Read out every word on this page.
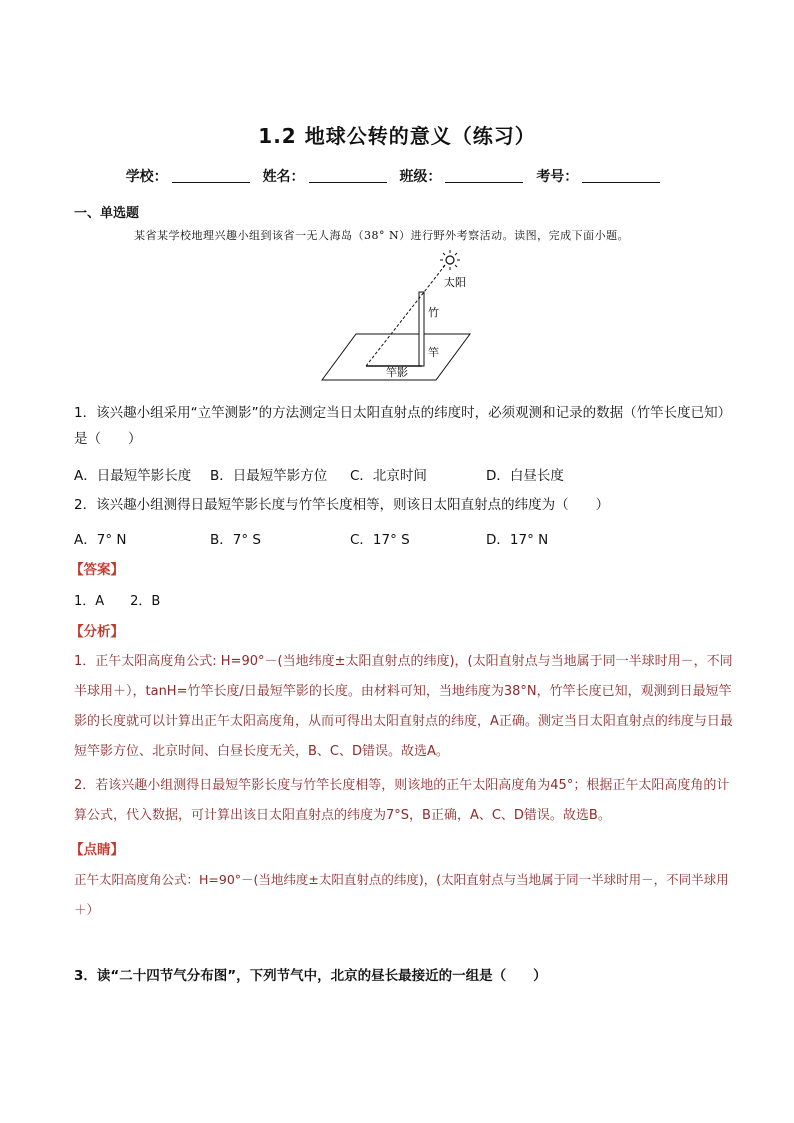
1.2 地球公转的意义（练习）
学校：	姓名：	班级：	考号：
一、单选题
某省某学校地理兴趣小组到该省一无人海岛（38° N）进行野外考察活动。读图，完成下面小题。
太阳
竹
竿
竿影
1．该兴趣小组采用“立竿测影”的方法测定当日太阳直射点的纬度时，必须观测和记录的数据（竹竿长度已知）是（　　）
A．日最短竿影长度 B．日最短竿影方位 C．北京时间	D．白昼长度
2．该兴趣小组测得日最短竿影长度与竹竿长度相等，则该日太阳直射点的纬度为（　　）
A．7° N	B．7° S	C．17° S	D．17° N
【答案】
1．A　　2．B
【分析】
1．正午太阳高度角公式: H=90°－(当地纬度±太阳直射点的纬度)，(太阳直射点与当地属于同一半球时用－，不同半球用＋），tanH=竹竿长度/日最短竿影的长度。由材料可知，当地纬度为38°N，竹竿长度已知，观测到日最短竿影的长度就可以计算出正午太阳高度角，从而可得出太阳直射点的纬度，A正确。测定当日太阳直射点的纬度与日最短竿影方位、北京时间、白昼长度无关，B、C、D错误。故选A。
2．若该兴趣小组测得日最短竿影长度与竹竿长度相等，则该地的正午太阳高度角为45°；根据正午太阳高度角的计算公式，代入数据，可计算出该日太阳直射点的纬度为7°S，B正确，A、C、D错误。故选B。
【点睛】
正午太阳高度角公式：H=90°－(当地纬度±太阳直射点的纬度)，(太阳直射点与当地属于同一半球时用－，不同半球用＋）
3．读“二十四节气分布图”，下列节气中，北京的昼长最接近的一组是（　　）
